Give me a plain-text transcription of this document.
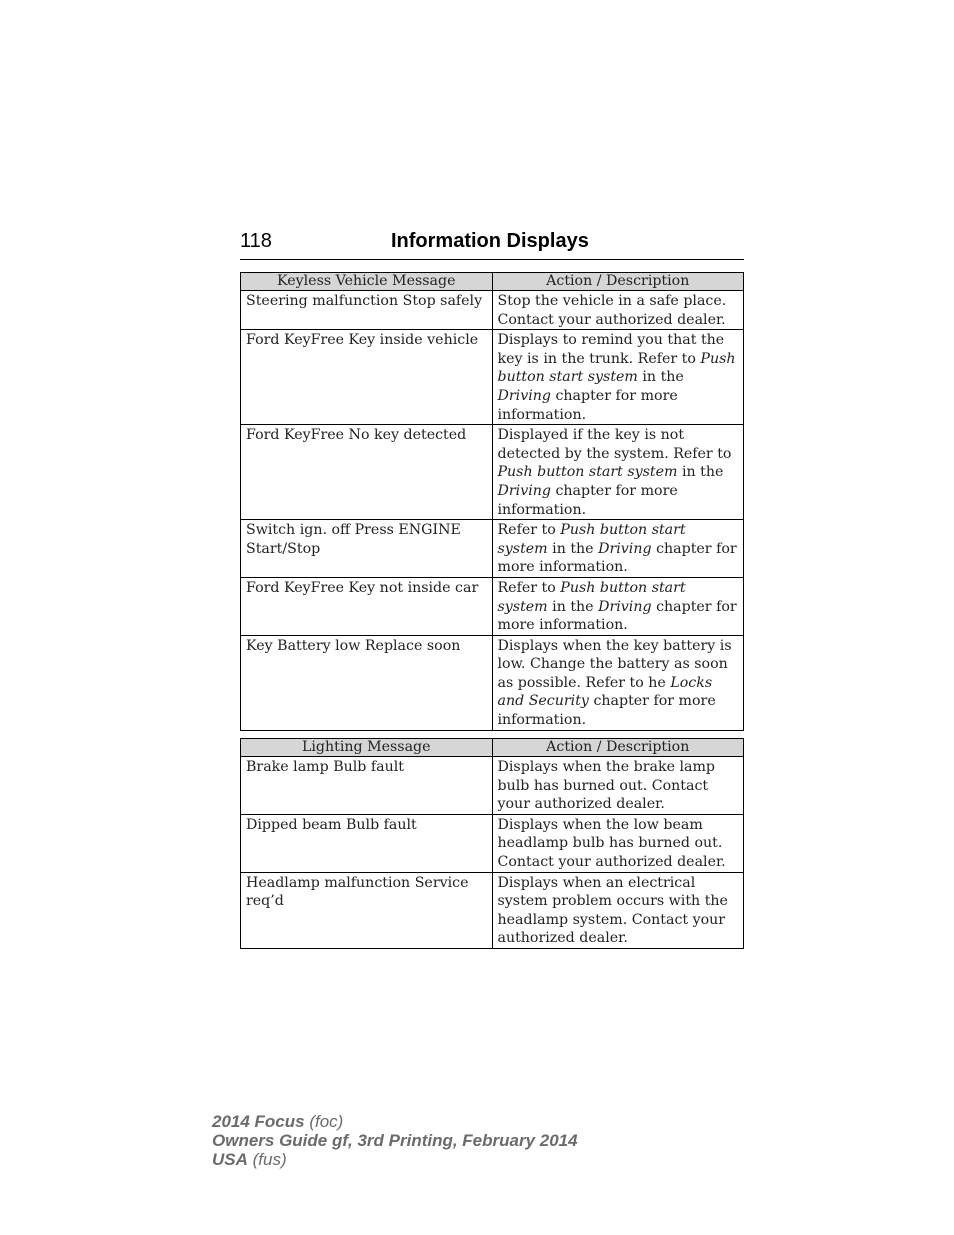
118	Information Displays
Keyless Vehicle Message	Action / Description
Steering malfunction Stop safely	Stop the vehicle in a safe place. Contact your authorized dealer.
Ford KeyFree Key inside vehicle	Displays to remind you that the key is in the trunk. Refer to Push button start system in the Driving chapter for more information.
Ford KeyFree No key detected	Displayed if the key is not detected by the system. Refer to Push button start system in the Driving chapter for more information.
Switch ign. off Press ENGINE Start/Stop	Refer to Push button start system in the Driving chapter for more information.
Ford KeyFree Key not inside car	Refer to Push button start system in the Driving chapter for more information.
Key Battery low Replace soon	Displays when the key battery is low. Change the battery as soon as possible. Refer to he Locks and Security chapter for more information.
Lighting Message	Action / Description
Brake lamp Bulb fault	Displays when the brake lamp bulb has burned out. Contact your authorized dealer.
Dipped beam Bulb fault	Displays when the low beam headlamp bulb has burned out. Contact your authorized dealer.
Headlamp malfunction Service req’d	Displays when an electrical system problem occurs with the headlamp system. Contact your authorized dealer.
2014 Focus (foc)
Owners Guide gf, 3rd Printing, February 2014
USA (fus)
